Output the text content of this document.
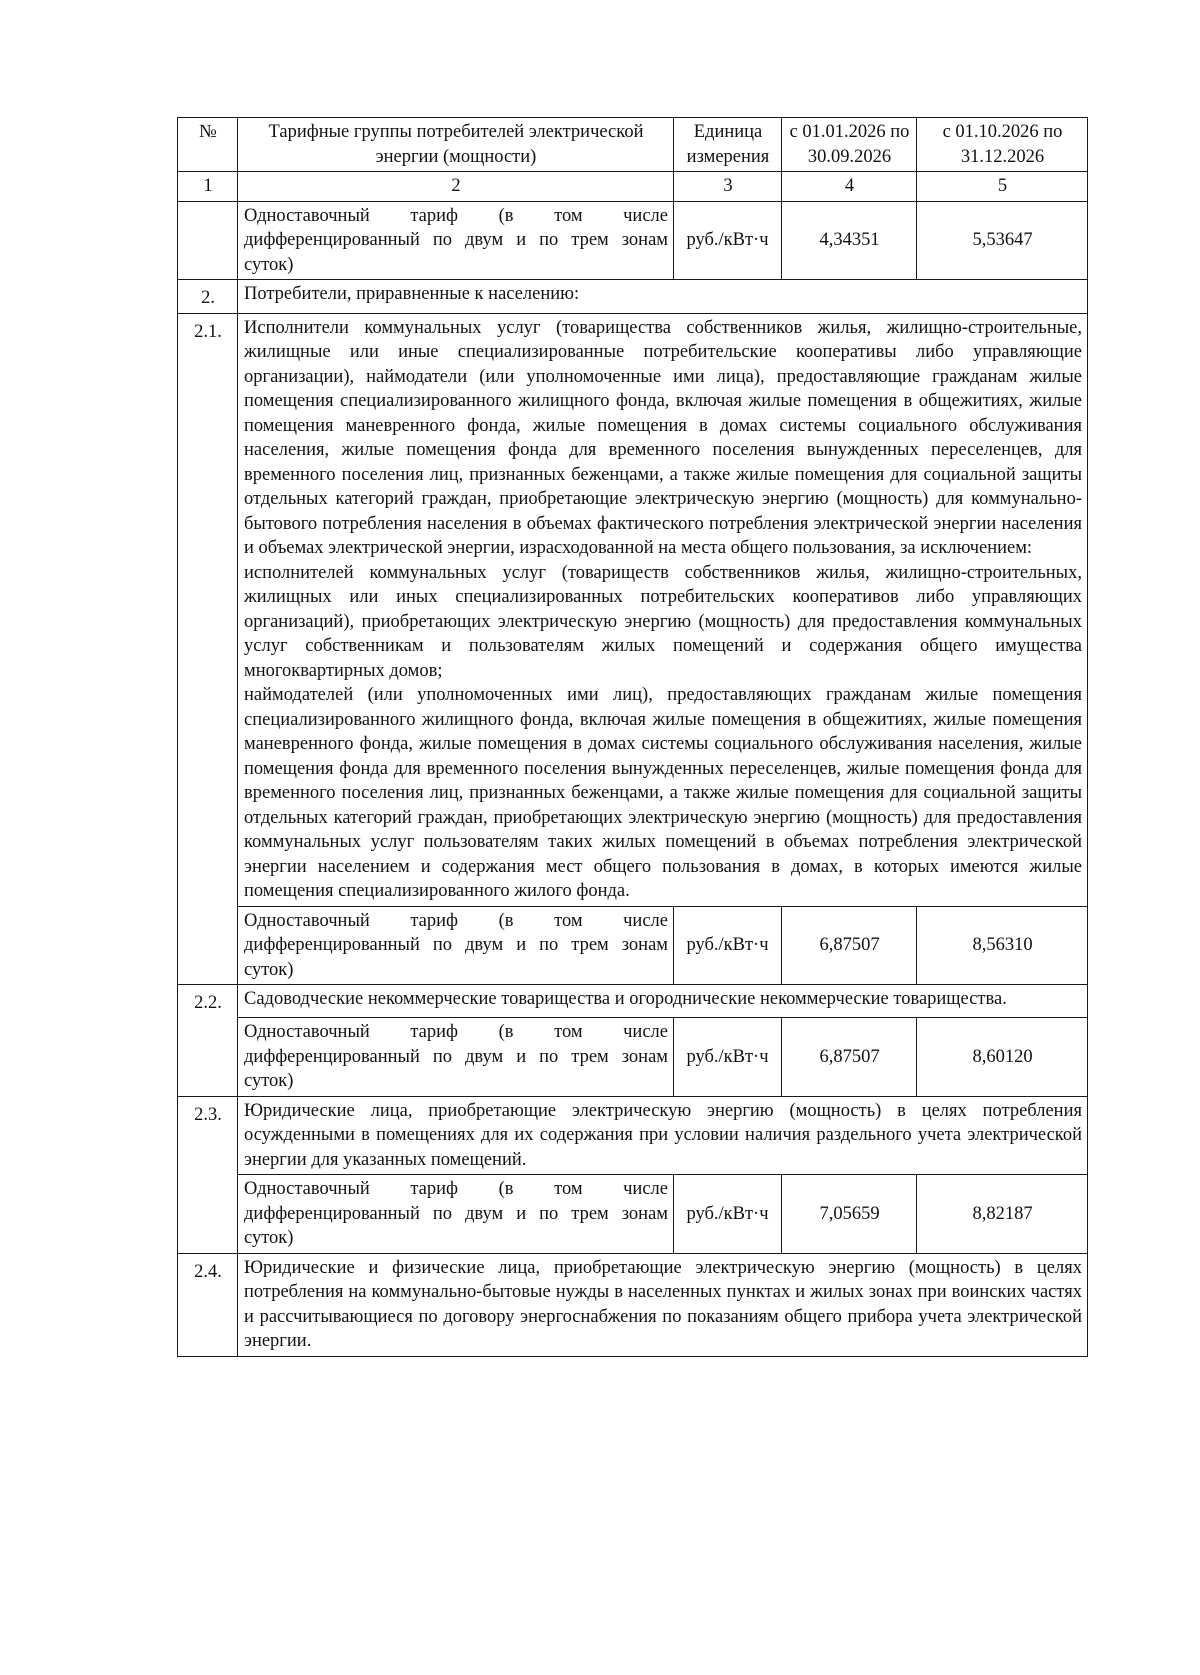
№	Тарифные группы потребителей электрической энергии (мощности)	Единица измерения	с 01.01.2026 по 30.09.2026	с 01.10.2026 по 31.12.2026
1	2	3	4	5
	Одноставочный тариф (в том числе дифференцированный по двум и по трем зонам суток)	руб./кВт·ч	4,34351	5,53647
2.	Потребители, приравненные к населению:			
2.1.	Исполнители коммунальных услуг (товарищества собственников жилья, жилищно-строительные, жилищные или иные специализированные потребительские кооперативы либо управляющие организации), наймодатели (или уполномоченные ими лица), предоставляющие гражданам жилые помещения специализированного жилищного фонда, включая жилые помещения в общежитиях, жилые помещения маневренного фонда, жилые помещения в домах системы социального обслуживания населения, жилые помещения фонда для временного поселения вынужденных переселенцев, для временного поселения лиц, признанных беженцами, а также жилые помещения для социальной защиты отдельных категорий граждан, приобретающие электрическую энергию (мощность) для коммунально-бытового потребления населения в объемах фактического потребления электрической энергии населения и объемах электрической энергии, израсходованной на места общего пользования, за исключением:
исполнителей коммунальных услуг (товариществ собственников жилья, жилищно-строительных, жилищных или иных специализированных потребительских кооперативов либо управляющих организаций), приобретающих электрическую энергию (мощность) для предоставления коммунальных услуг собственникам и пользователям жилых помещений и содержания общего имущества многоквартирных домов;
наймодателей (или уполномоченных ими лиц), предоставляющих гражданам жилые помещения специализированного жилищного фонда, включая жилые помещения в общежитиях, жилые помещения маневренного фонда, жилые помещения в домах системы социального обслуживания населения, жилые помещения фонда для временного поселения вынужденных переселенцев, жилые помещения фонда для временного поселения лиц, признанных беженцами, а также жилые помещения для социальной защиты отдельных категорий граждан, приобретающих электрическую энергию (мощность) для предоставления коммунальных услуг пользователям таких жилых помещений в объемах потребления электрической энергии населением и содержания мест общего пользования в домах, в которых имеются жилые помещения специализированного жилого фонда.			

	Одноставочный тариф (в том числе дифференцированный по двум и по трем зонам суток)	руб./кВт·ч	6,87507	8,56310
2.2.	Садоводческие некоммерческие товарищества и огороднические некоммерческие товарищества.			
	Одноставочный тариф (в том числе дифференцированный по двум и по трем зонам суток)	руб./кВт·ч	6,87507	8,60120
2.3.	Юридические лица, приобретающие электрическую энергию (мощность) в целях потребления осужденными в помещениях для их содержания при условии наличия раздельного учета электрической энергии для указанных помещений.			
	Одноставочный тариф (в том числе дифференцированный по двум и по трем зонам суток)	руб./кВт·ч	7,05659	8,82187
2.4.	Юридические и физические лица, приобретающие электрическую энергию (мощность) в целях потребления на коммунально-бытовые нужды в населенных пунктах и жилых зонах при воинских частях и рассчитывающиеся по договору энергоснабжения по показаниям общего прибора учета электрической энергии.			
